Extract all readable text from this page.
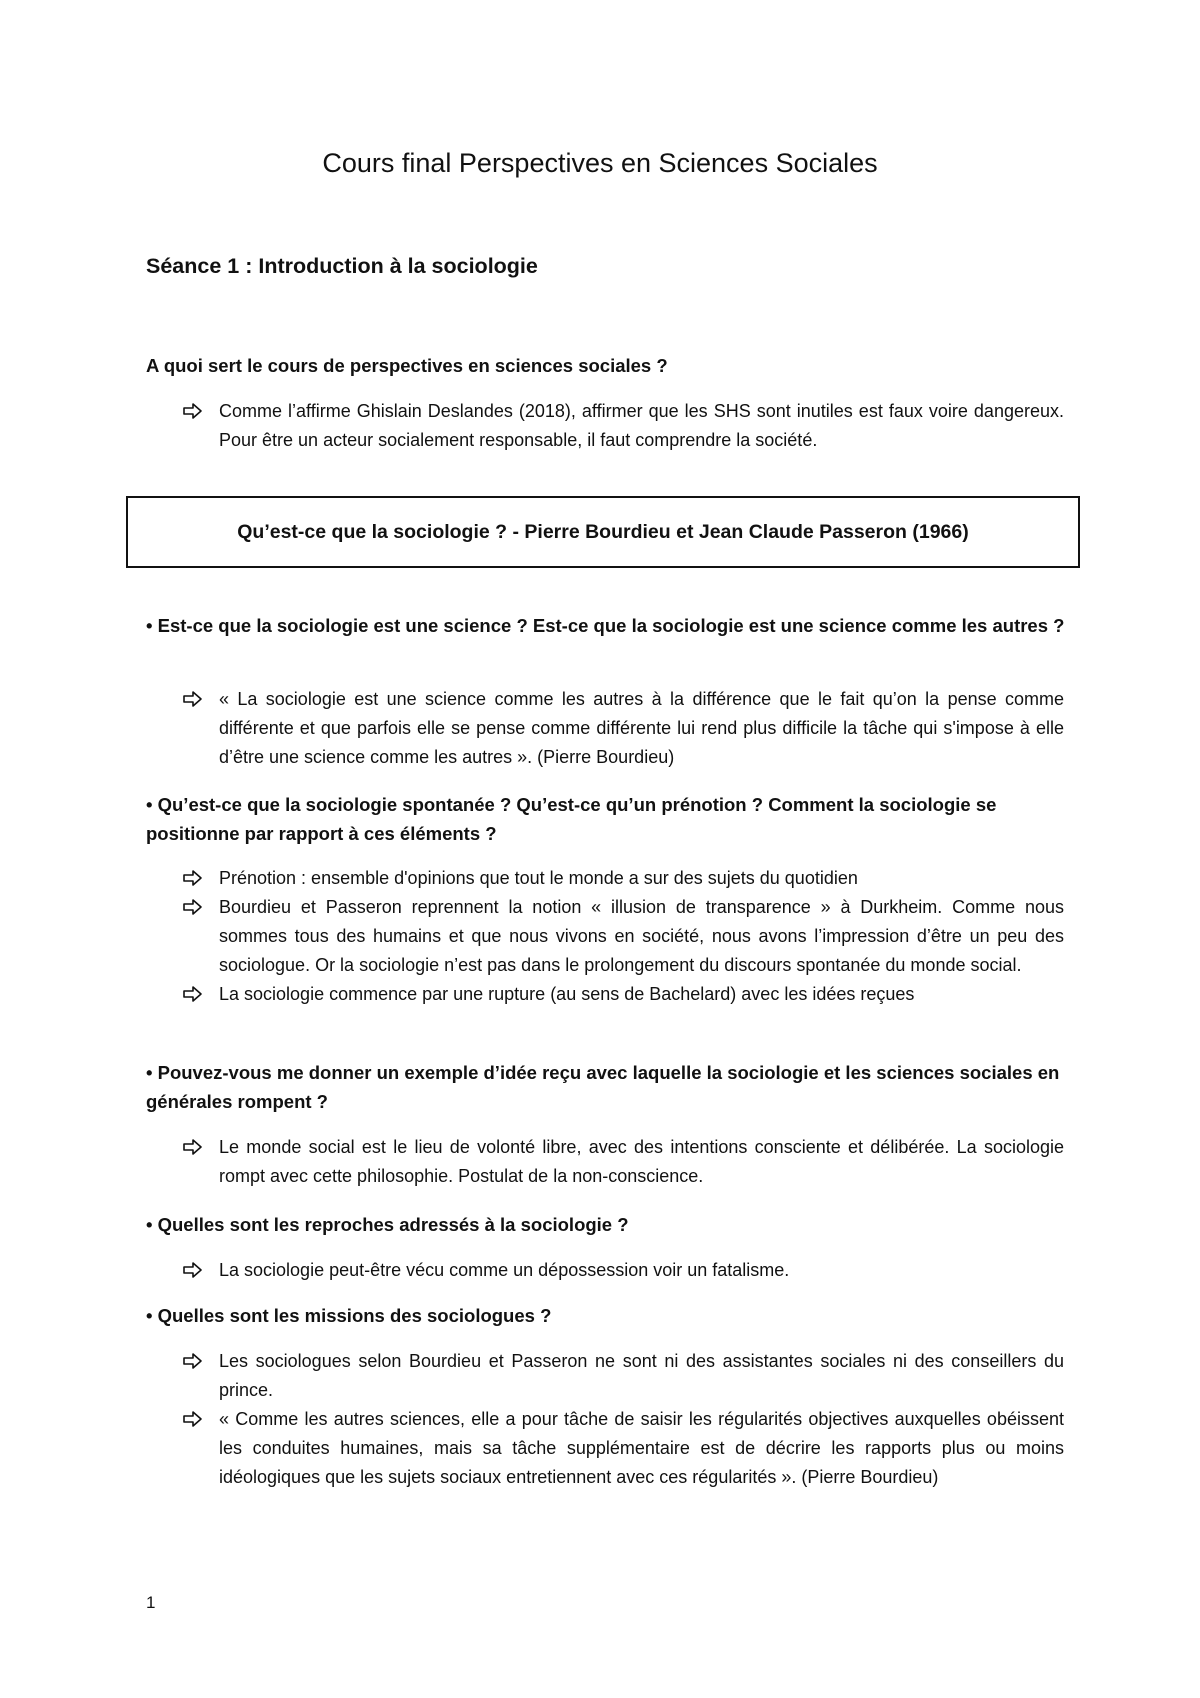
Cours final Perspectives en Sciences Sociales
Séance 1 : Introduction à la sociologie

A quoi sert le cours de perspectives en sciences sociales ?

Comme l’affirme Ghislain Deslandes (2018), affirmer que les SHS sont inutiles est faux voire dangereux. Pour être un acteur socialement responsable, il faut comprendre la société.

Qu’est-ce que la sociologie ? - Pierre Bourdieu et Jean Claude Passeron (1966)

• Est-ce que la sociologie est une science ? Est-ce que la sociologie est une science comme les autres ?

« La sociologie est une science comme les autres à la différence que le fait qu’on la pense comme différente et que parfois elle se pense comme différente lui rend plus difficile la tâche qui s'impose à elle d’être une science comme les autres ». (Pierre Bourdieu)

• Qu’est-ce que la sociologie spontanée ? Qu’est-ce qu’un prénotion ? Comment la sociologie se positionne par rapport à ces éléments ?

Prénotion : ensemble d'opinions que tout le monde a sur des sujets du quotidien
Bourdieu et Passeron reprennent la notion « illusion de transparence » à Durkheim. Comme nous sommes tous des humains et que nous vivons en société, nous avons l’impression d’être un peu des sociologue. Or la sociologie n’est pas dans le prolongement du discours spontanée du monde social.
La sociologie commence par une rupture (au sens de Bachelard) avec les idées reçues

• Pouvez-vous me donner un exemple d’idée reçu avec laquelle la sociologie et les sciences sociales en générales rompent ?

Le monde social est le lieu de volonté libre, avec des intentions consciente et délibérée. La sociologie rompt avec cette philosophie. Postulat de la non-conscience.

• Quelles sont les reproches adressés à la sociologie ?

La sociologie peut-être vécu comme un dépossession voir un fatalisme.

• Quelles sont les missions des sociologues ?

Les sociologues selon Bourdieu et Passeron ne sont ni des assistantes sociales ni des conseillers du prince.
« Comme les autres sciences, elle a pour tâche de saisir les régularités objectives auxquelles obéissent les conduites humaines, mais sa tâche supplémentaire est de décrire les rapports plus ou moins idéologiques que les sujets sociaux entretiennent avec ces régularités ». (Pierre Bourdieu)
1
